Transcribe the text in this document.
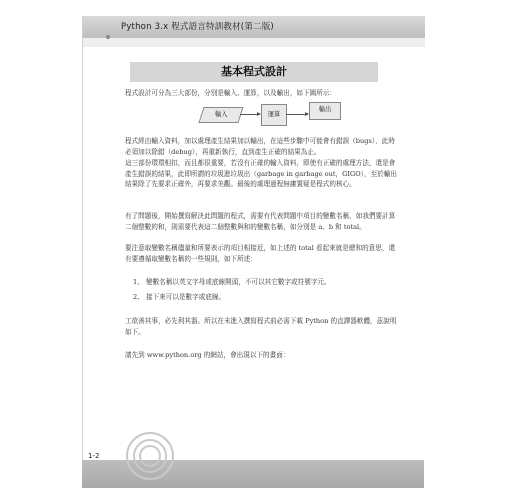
Python 3.x 程式語言特訓教材(第二版)
基本程式設計
程式設計可分為三大部份，分別是輸入、運算，以及輸出，如下圖所示：
輸入	運算
輸出
程式經由輸入資料，加以處理產生結果加以輸出，在這些步驟中可能會有錯誤（bugs），此時必須加以除錯（debug），再重新執行，直到產生正確的結果為止。
這三部份環環相扣，而且都很重要，若沒有正確的輸入資料，即使有正確的處理方法，還是會產生錯誤的結果，此即所謂的垃圾進垃圾出（garbage in garbage out，GIGO），至於輸出結果除了先要求正確外，再要求美觀。最後的處理過程無庸置疑是程式的核心。
有了問題後，開始撰寫解決此問題的程式，需要有代表問題中項目的變數名稱，如我們要計算二個整數的和，則需要代表這二個整數與和的變數名稱，如分別是 a、b 和 total。
要注意取變數名稱儘量和所要表示的項目相接近，如上述的 total 看起來就是總和的意思，還有要遵循取變數名稱的一些規則，如下所述：
1、 變數名稱以英文字母或底線開頭，不可以其它數字或符號字元。
2、 接下來可以是數字或底線。
工欲善其事，必先利其器。所以在未進入撰寫程式前必需下載 Python 的直譯器軟體，茲說明如下。
請先到 www.python.org 的網站，會出現以下的畫面：
1-2
